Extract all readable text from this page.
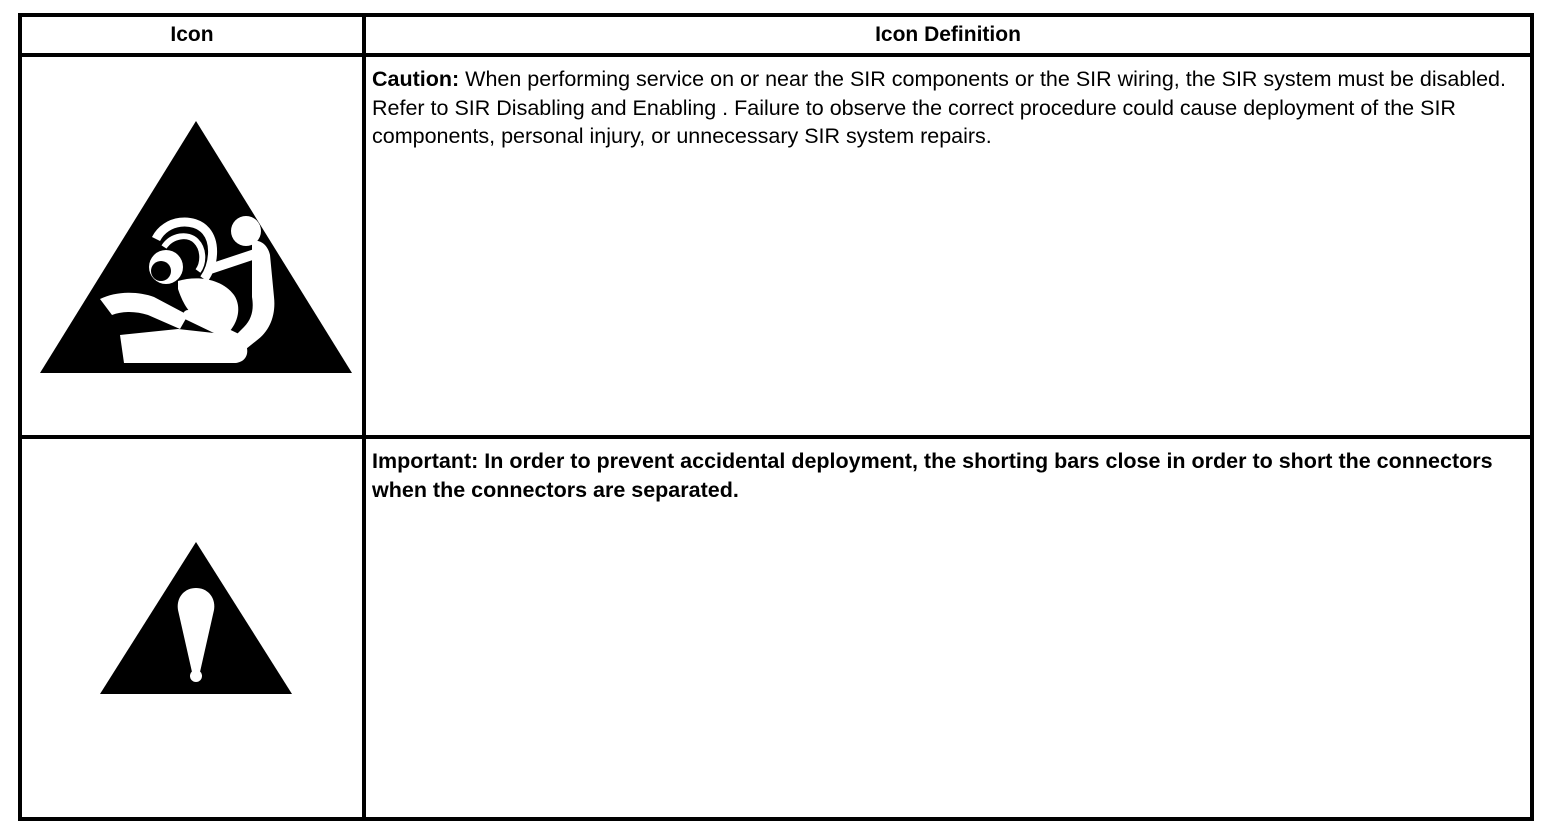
Icon	Icon Definition

	Caution: When performing service on or near the SIR components or the SIR wiring, the SIR system must be disabled. Refer to SIR Disabling and Enabling . Failure to observe the correct procedure could cause deployment of the SIR components, personal injury, or unnecessary SIR system repairs.

	Important: In order to prevent accidental deployment, the shorting bars close in order to short the connectors when the connectors are separated.
